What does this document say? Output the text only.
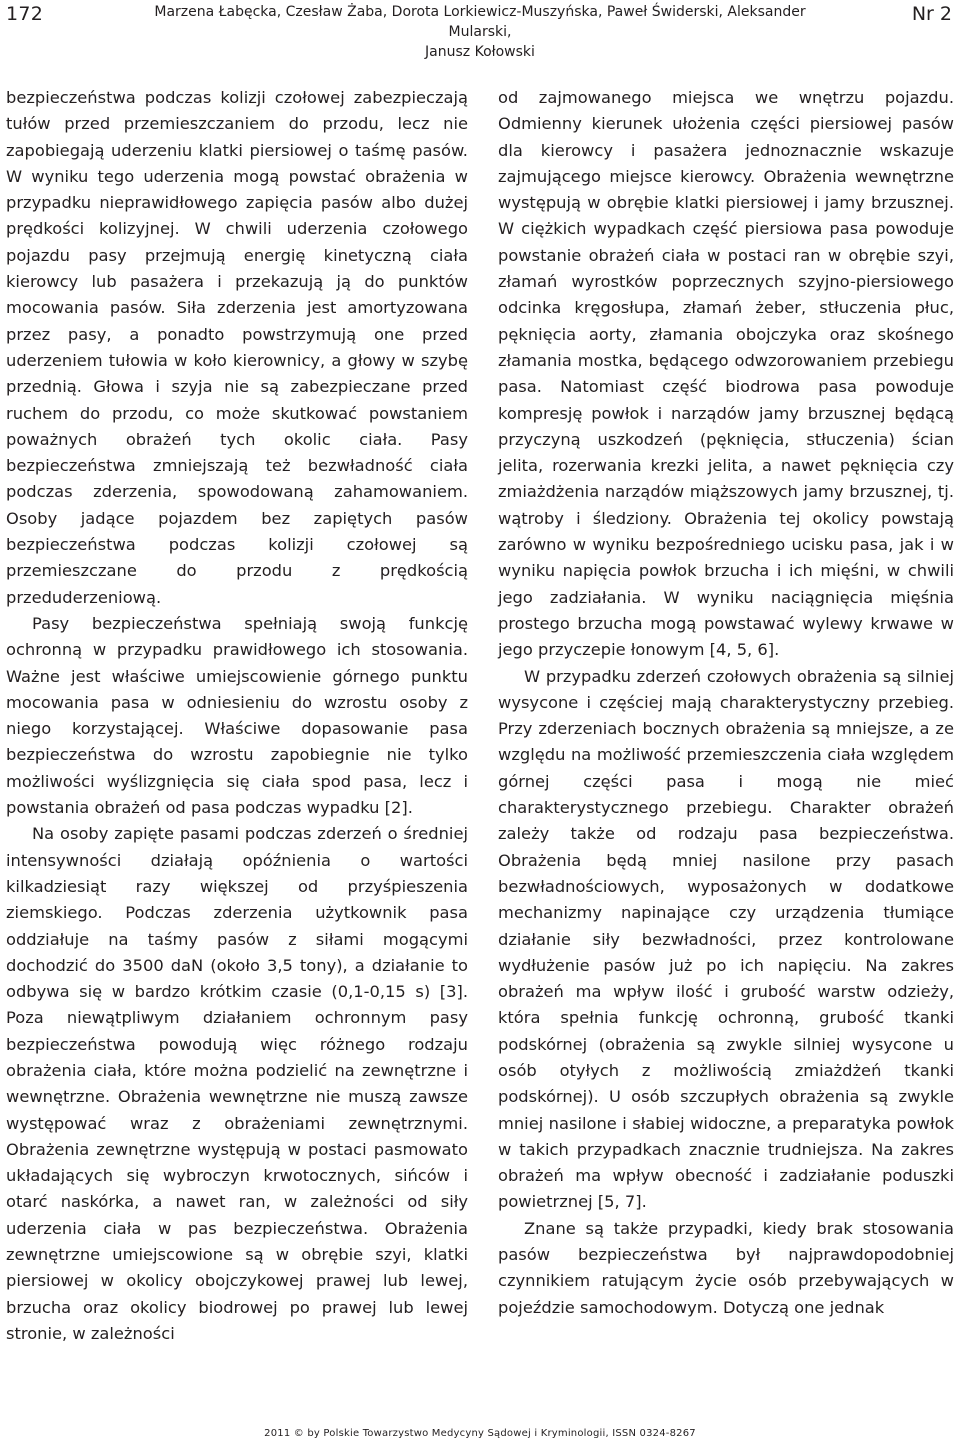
172	Marzena Łabęcka, Czesław Żaba, Dorota Lorkiewicz-Muszyńska, Paweł Świderski, Aleksander Mularski,
Janusz Kołowski
Nr 2

bezpieczeństwa podczas kolizji czołowej zabezpieczają tułów przed przemieszczaniem do przodu, lecz nie zapobiegają uderzeniu klatki piersiowej o taśmę pasów. W wyniku tego uderzenia mogą powstać obrażenia w przypadku nieprawidłowego zapięcia pasów albo dużej prędkości kolizyjnej. W chwili uderzenia czołowego pojazdu pasy przejmują energię kinetyczną ciała kierowcy lub pasażera i przekazują ją do punktów mocowania pasów. Siła zderzenia jest amortyzowana przez pasy, a ponadto powstrzymują one przed uderzeniem tułowia w koło kierownicy, a głowy w szybę przednią. Głowa i szyja nie są zabezpieczane przed ruchem do przodu, co może skutkować powstaniem poważnych obrażeń tych okolic ciała. Pasy bezpieczeństwa zmniejszają też bezwładność ciała podczas zderzenia, spowodowaną zahamowaniem. Osoby jadące pojazdem bez zapiętych pasów bezpieczeństwa podczas kolizji czołowej są przemieszczane do przodu z prędkością przeduderzeniową.

Pasy bezpieczeństwa spełniają swoją funkcję ochronną w przypadku prawidłowego ich stosowania. Ważne jest właściwe umiejscowienie górnego punktu mocowania pasa w odniesieniu do wzrostu osoby z niego korzystającej. Właściwe dopasowanie pasa bezpieczeństwa do wzrostu zapobiegnie nie tylko możliwości wyślizgnięcia się ciała spod pasa, lecz i powstania obrażeń od pasa podczas wypadku [2].

Na osoby zapięte pasami podczas zderzeń o średniej intensywności działają opóźnienia o wartości kilkadziesiąt razy większej od przyśpieszenia ziemskiego. Podczas zderzenia użytkownik pasa oddziałuje na taśmy pasów z siłami mogącymi dochodzić do 3500 daN (około 3,5 tony), a działanie to odbywa się w bardzo krótkim czasie (0,1-0,15 s) [3]. Poza niewątpliwym działaniem ochronnym pasy bezpieczeństwa powodują więc różnego rodzaju obrażenia ciała, które można podzielić na zewnętrzne i wewnętrzne. Obrażenia wewnętrzne nie muszą zawsze występować wraz z obrażeniami zewnętrznymi. Obrażenia zewnętrzne występują w postaci pasmowato układających się wybroczyn krwotocznych, sińców i otarć naskórka, a nawet ran, w zależności od siły uderzenia ciała w pas bezpieczeństwa. Obrażenia zewnętrzne umiejscowione są w obrębie szyi, klatki piersiowej w okolicy obojczykowej prawej lub lewej, brzucha oraz okolicy biodrowej po prawej lub lewej stronie, w zależności

od zajmowanego miejsca we wnętrzu pojazdu. Odmienny kierunek ułożenia części piersiowej pasów dla kierowcy i pasażera jednoznacznie wskazuje zajmującego miejsce kierowcy. Obrażenia wewnętrzne występują w obrębie klatki piersiowej i jamy brzusznej. W ciężkich wypadkach część piersiowa pasa powoduje powstanie obrażeń ciała w postaci ran w obrębie szyi, złamań wyrostków poprzecznych szyjno-piersiowego odcinka kręgosłupa, złamań żeber, stłuczenia płuc, pęknięcia aorty, złamania obojczyka oraz skośnego złamania mostka, będącego odwzorowaniem przebiegu pasa. Natomiast część biodrowa pasa powoduje kompresję powłok i narządów jamy brzusznej będącą przyczyną uszkodzeń (pęknięcia, stłuczenia) ścian jelita, rozerwania krezki jelita, a nawet pęknięcia czy zmiażdżenia narządów miąższowych jamy brzusznej, tj. wątroby i śledziony. Obrażenia tej okolicy powstają zarówno w wyniku bezpośredniego ucisku pasa, jak i w wyniku napięcia powłok brzucha i ich mięśni, w chwili jego zadziałania. W wyniku naciągnięcia mięśnia prostego brzucha mogą powstawać wylewy krwawe w jego przyczepie łonowym [4, 5, 6].

W przypadku zderzeń czołowych obrażenia są silniej wysycone i częściej mają charakterystyczny przebieg. Przy zderzeniach bocznych obrażenia są mniejsze, a ze względu na możliwość przemieszczenia ciała względem górnej części pasa i mogą nie mieć charakterystycznego przebiegu. Charakter obrażeń zależy także od rodzaju pasa bezpieczeństwa. Obrażenia będą mniej nasilone przy pasach bezwładnościowych, wyposażonych w dodatkowe mechanizmy napinające czy urządzenia tłumiące działanie siły bezwładności, przez kontrolowane wydłużenie pasów już po ich napięciu. Na zakres obrażeń ma wpływ ilość i grubość warstw odzieży, która spełnia funkcję ochronną, grubość tkanki podskórnej (obrażenia są zwykle silniej wysycone u osób otyłych z możliwością zmiażdżeń tkanki podskórnej). U osób szczupłych obrażenia są zwykle mniej nasilone i słabiej widoczne, a preparatyka powłok w takich przypadkach znacznie trudniejsza. Na zakres obrażeń ma wpływ obecność i zadziałanie poduszki powietrznej [5, 7].

Znane są także przypadki, kiedy brak stosowania pasów bezpieczeństwa był najprawdopodobniej czynnikiem ratującym życie osób przebywających w pojeździe samochodowym. Dotyczą one jednak

2011 © by Polskie Towarzystwo Medycyny Sądowej i Kryminologii, ISSN 0324-8267
